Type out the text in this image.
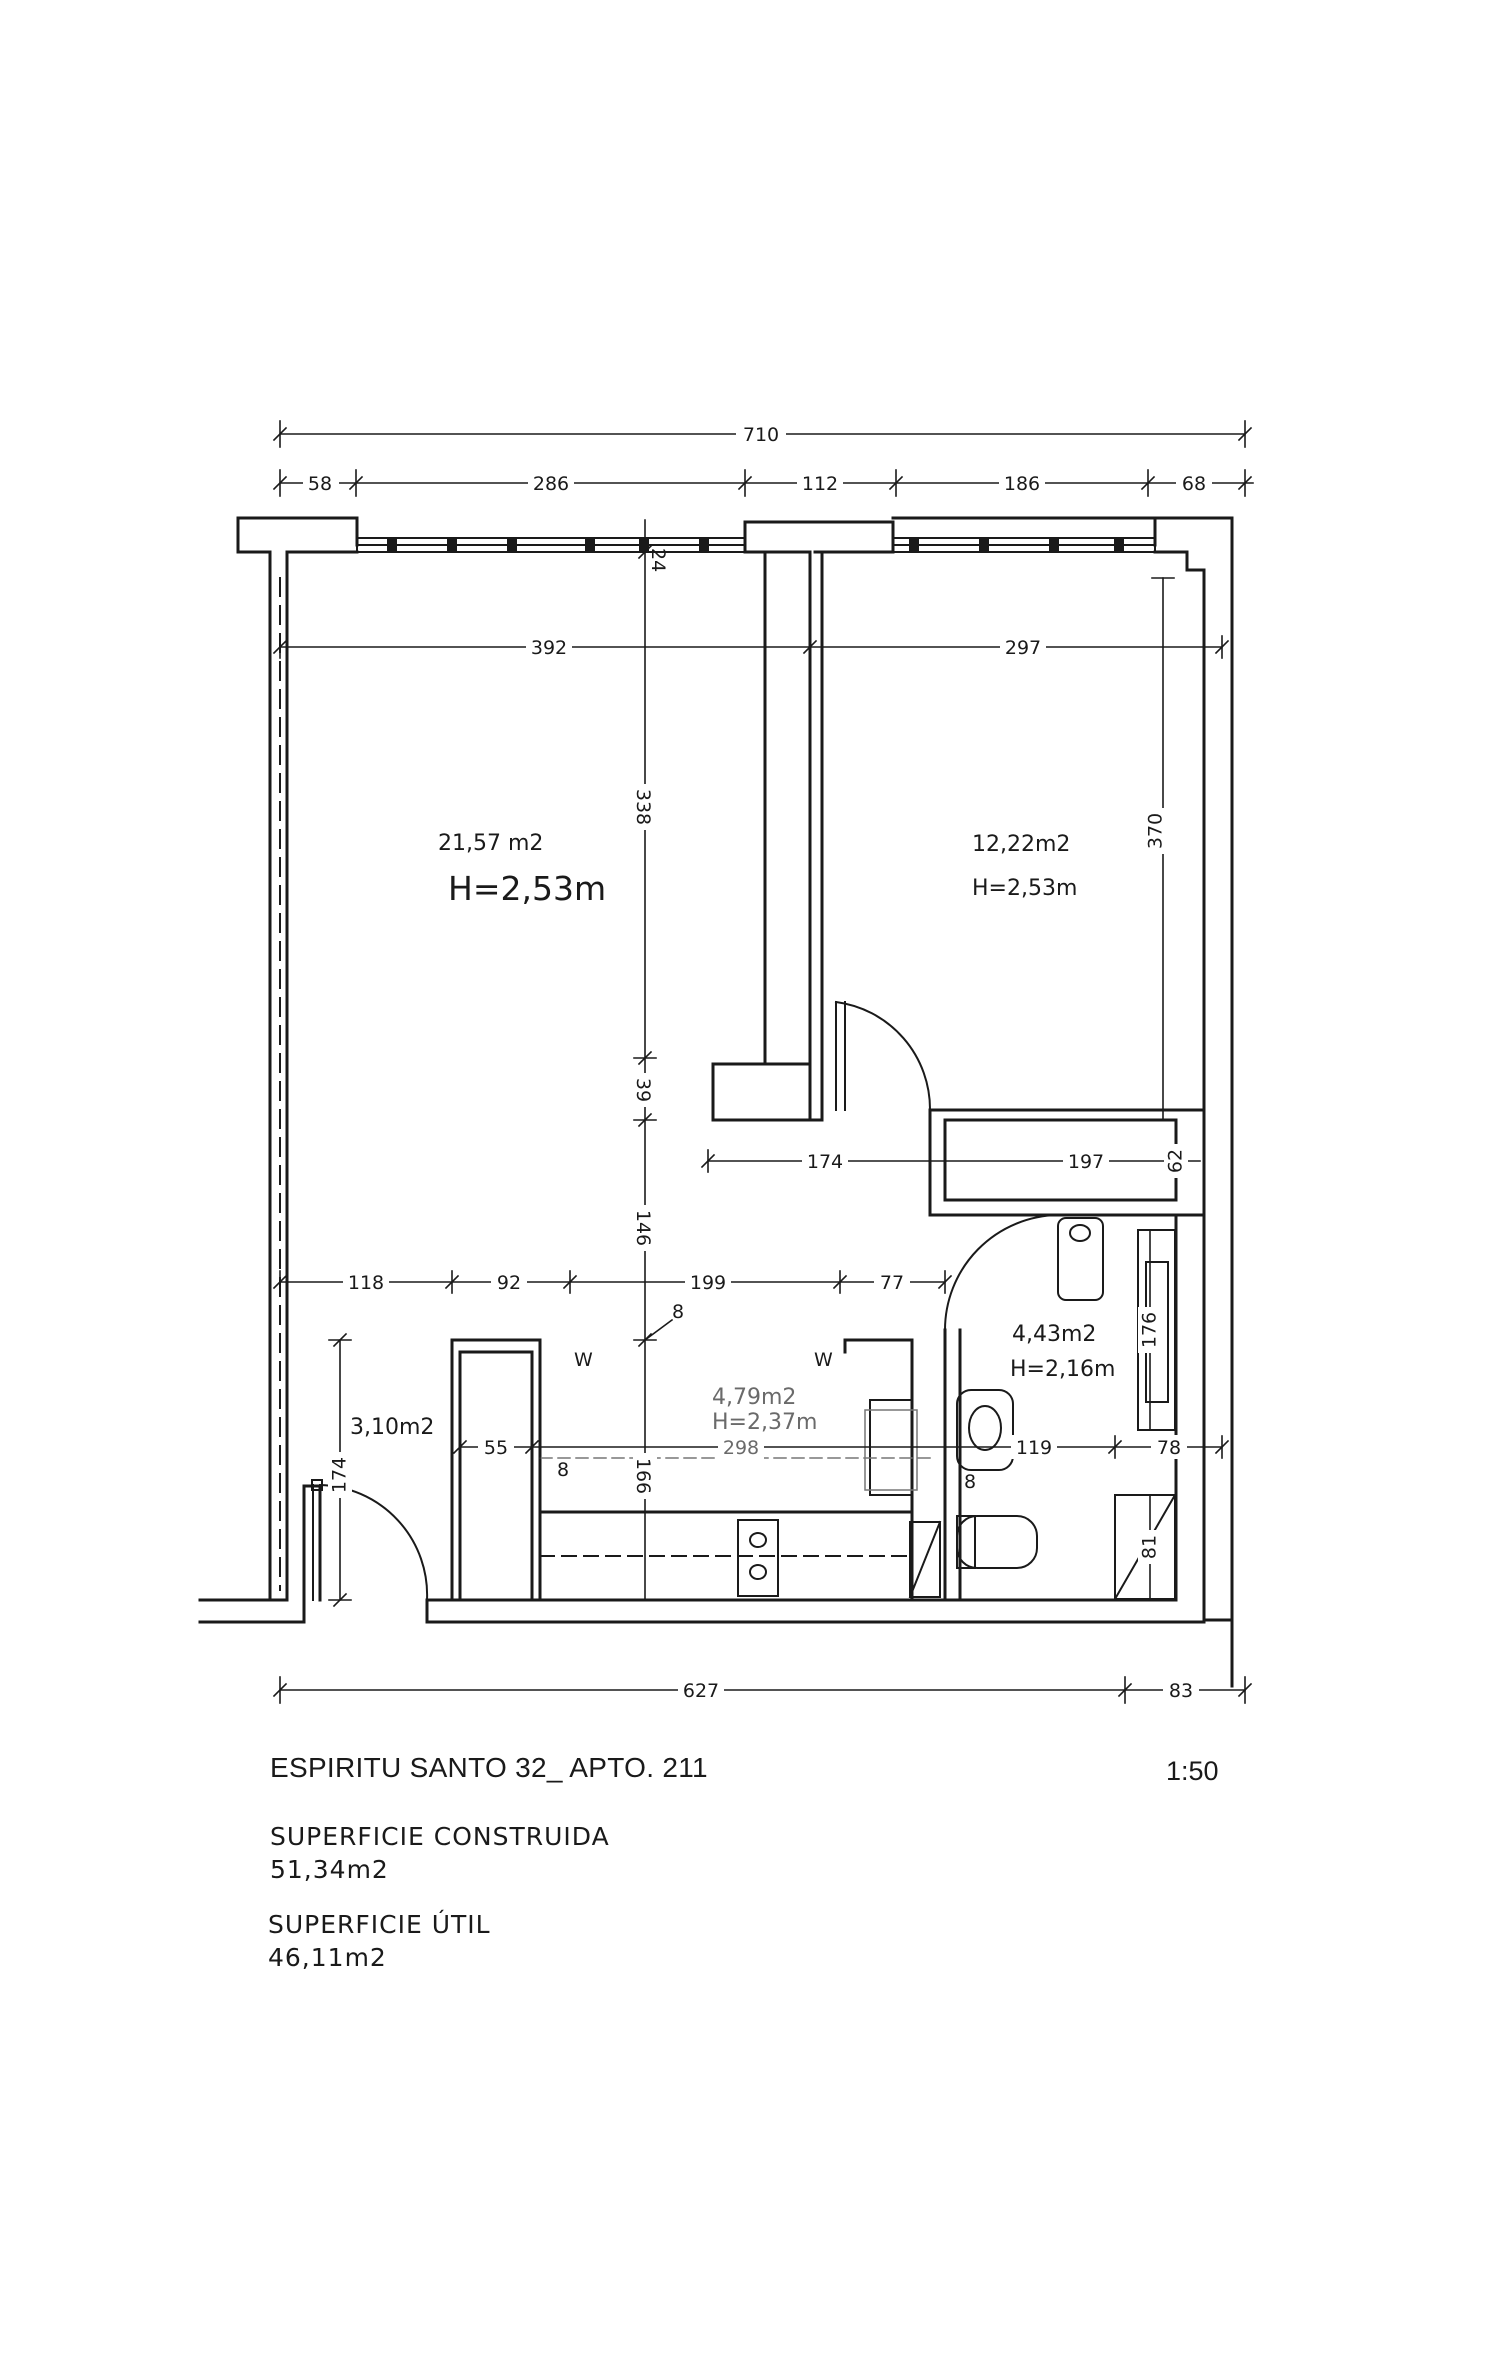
710
58	286	112	186	68
392	297
24
338
39
146
8
166
370
174	197	62
118	92	199	77
176
174
55
8
298
8
119	78
81
627	83
21,57 m2
H=2,53m
12,22m2
H=2,53m
4,43m2
H=2,16m
4,79m2
H=2,37m
3,10m2
W	W
ESPIRITU SANTO 32_ APTO. 211	1:50
SUPERFICIE CONSTRUIDA
51,34m2
SUPERFICIE ÚTIL
46,11m2
